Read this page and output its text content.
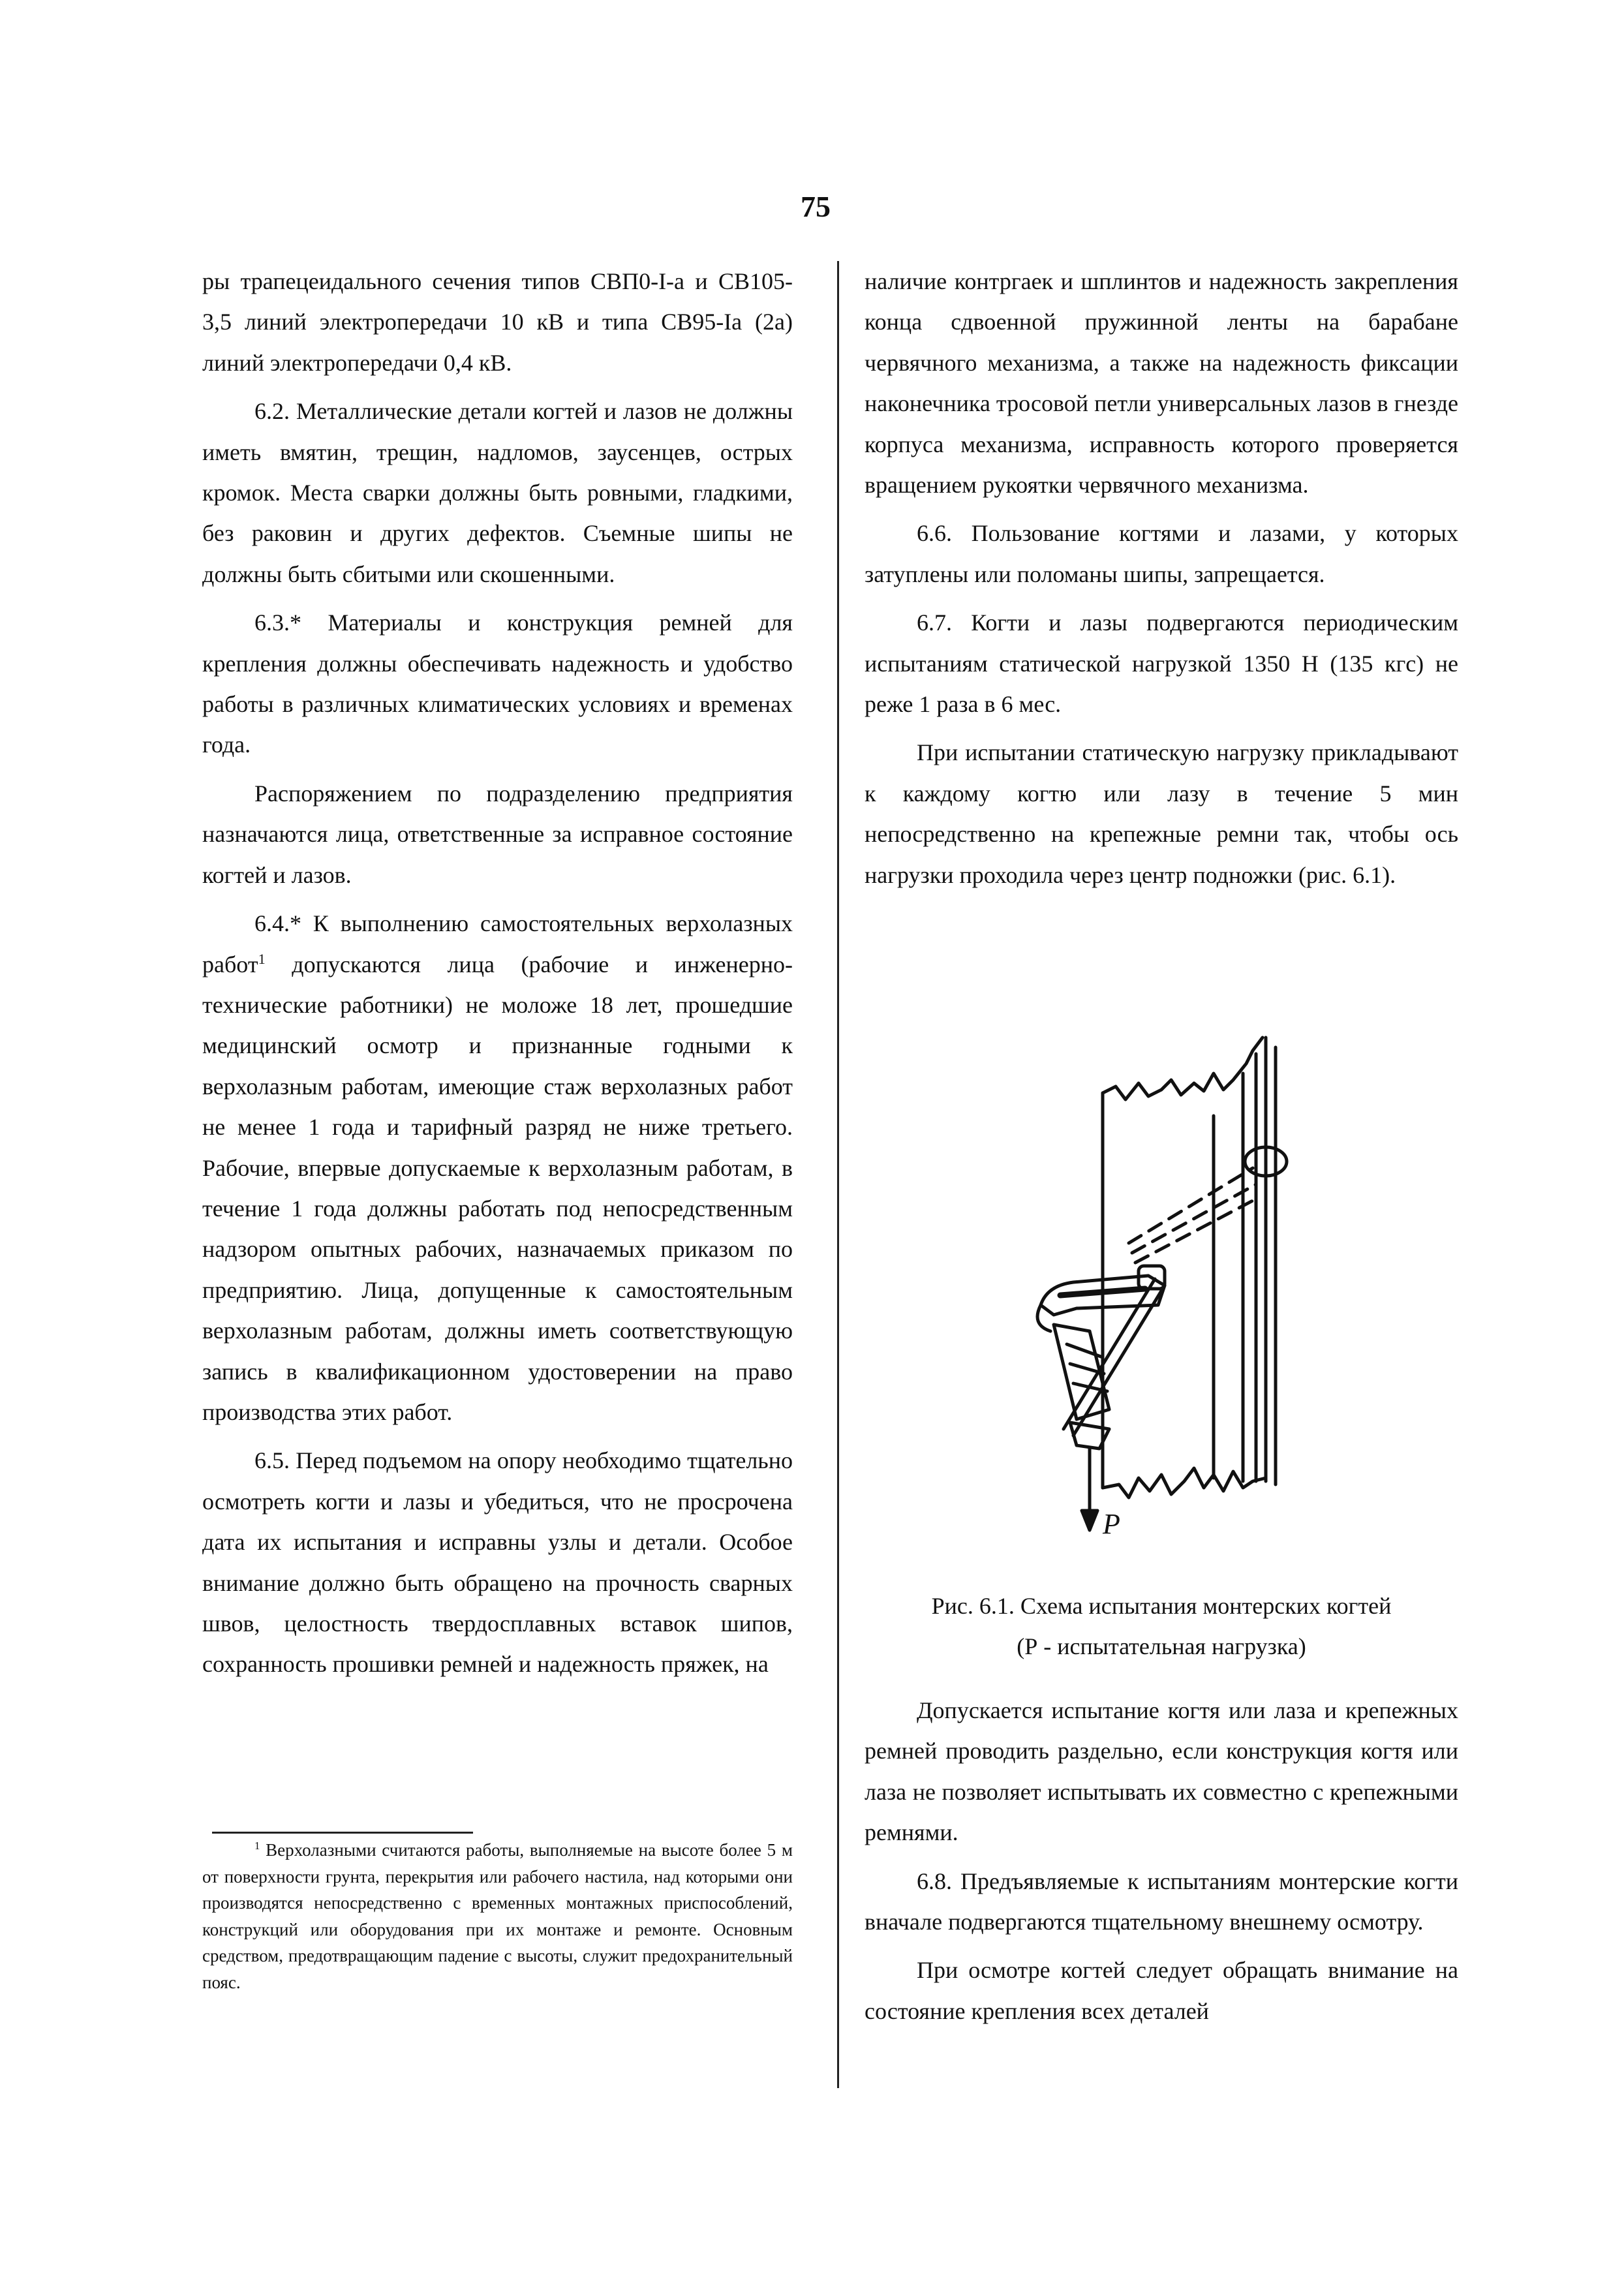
75

ры трапецеидального сечения типов СВП0-I-а и СВ105-3,5 линий электропередачи 10 кВ и типа СВ95-Iа (2а) линий электропередачи 0,4 кВ.

6.2. Металлические детали когтей и лазов не должны иметь вмятин, трещин, надломов, заусенцев, острых кромок. Места сварки должны быть ровными, гладкими, без раковин и других дефектов. Съемные шипы не должны быть сбитыми или скошенными.

6.3.* Материалы и конструкция ремней для крепления должны обеспечивать надежность и удобство работы в различных климатических условиях и временах года.

Распоряжением по подразделению предприятия назначаются лица, ответственные за исправное состояние когтей и лазов.

6.4.* К выполнению самостоятельных верхолазных работ$^1$ допускаются лица (рабочие и инженерно-технические работники) не моложе 18 лет, прошедшие медицинский осмотр и признанные годными к верхолазным работам, имеющие стаж верхолазных работ не менее 1 года и тарифный разряд не ниже третьего. Рабочие, впервые допускаемые к верхолазным работам, в течение 1 года должны работать под непосредственным надзором опытных рабочих, назначаемых приказом по предприятию. Лица, допущенные к самостоятельным верхолазным работам, должны иметь соответствующую запись в квалификационном удостоверении на право производства этих работ.

6.5. Перед подъемом на опору необходимо тщательно осмотреть когти и лазы и убедиться, что не просрочена дата их испытания и исправны узлы и детали. Особое внимание должно быть обращено на прочность сварных швов, целостность твердосплавных вставок шипов, сохранность прошивки ремней и надежность пряжек, на

наличие контргаек и шплинтов и надежность закрепления конца сдвоенной пружинной ленты на барабане червячного механизма, а также на надежность фиксации наконечника тросовой петли универсальных лазов в гнезде корпуса механизма, исправность которого проверяется вращением рукоятки червячного механизма.

6.6. Пользование когтями и лазами, у которых затуплены или поломаны шипы, запрещается.

6.7. Когти и лазы подвергаются периодическим испытаниям статической нагрузкой 1350 Н (135 кгс) не реже 1 раза в 6 мес.

При испытании статическую нагрузку прикладывают к каждому когтю или лазу в течение 5 мин непосредственно на крепежные ремни так, чтобы ось нагрузки проходила через центр подножки (рис. 6.1).

P
Рис. 6.1. Схема испытания монтерских когтей
(Р - испытательная нагрузка)

Допускается испытание когтя или лаза и крепежных ремней проводить раздельно, если конструкция когтя или лаза не позволяет испытывать их совместно с крепежными ремнями.

6.8. Предъявляемые к испытаниям монтерские когти вначале подвергаются тщательному внешнему осмотру.

При осмотре когтей следует обращать внимание на состояние крепления всех деталей

$^1$ Верхолазными считаются работы, выполняемые на высоте более 5 м от поверхности грунта, перекрытия или рабочего настила, над которыми они производятся непосредственно с временных монтажных приспособлений, конструкций или оборудования при их монтаже и ремонте. Основным средством, предотвращающим падение с высоты, служит предохранительный пояс.
